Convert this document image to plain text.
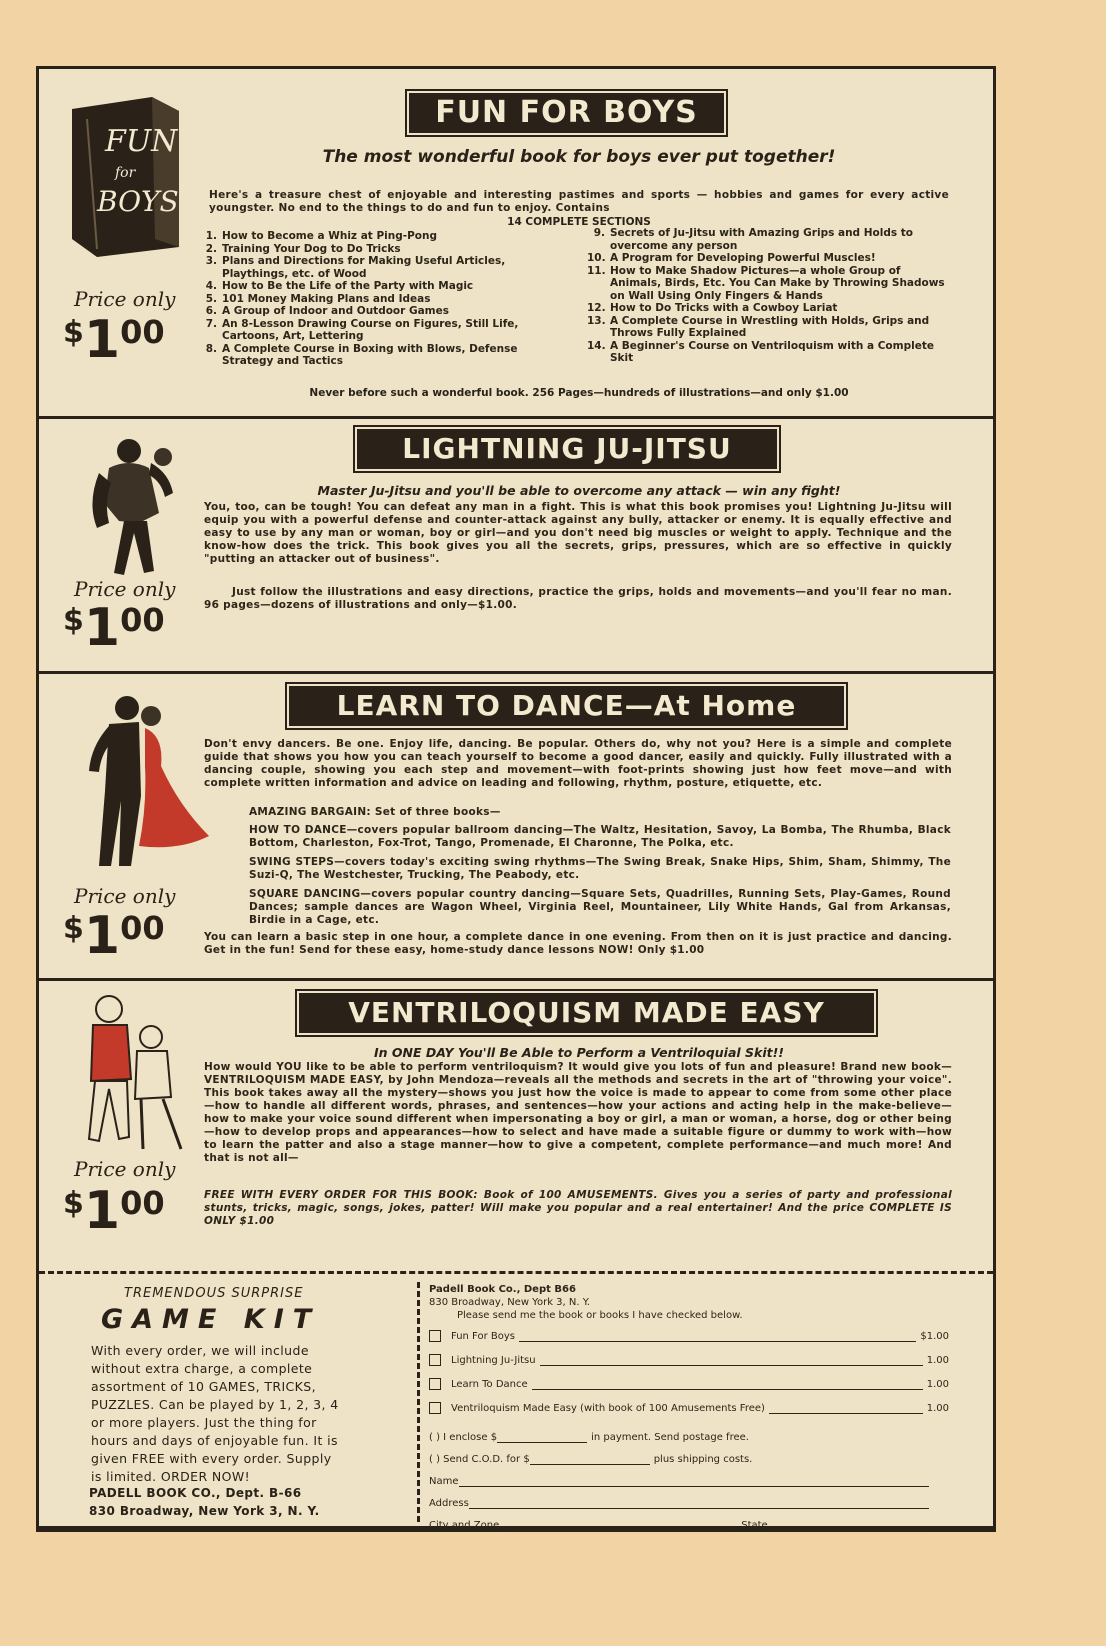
FUN
for
BOYS
Price only
$100
FUN FOR BOYS
The most wonderful book for boys ever put together!
Here's a treasure chest of enjoyable and interesting pastimes and sports — hobbies and games for every active youngster. No end to the things to do and fun to enjoy. Contains
14 COMPLETE SECTIONS
1. How to Become a Whiz at Ping-Pong
2. Training Your Dog to Do Tricks
3. Plans and Directions for Making Useful Articles, Playthings, etc. of Wood
4. How to Be the Life of the Party with Magic
5. 101 Money Making Plans and Ideas
6. A Group of Indoor and Outdoor Games
7. An 8-Lesson Drawing Course on Figures, Still Life, Cartoons, Art, Lettering
8. A Complete Course in Boxing with Blows, Defense Strategy and Tactics
9. Secrets of Ju-Jitsu with Amazing Grips and Holds to overcome any person
10. A Program for Developing Powerful Muscles!
11. How to Make Shadow Pictures—a whole Group of Animals, Birds, Etc. You Can Make by Throwing Shadows on Wall Using Only Fingers & Hands
12. How to Do Tricks with a Cowboy Lariat
13. A Complete Course in Wrestling with Holds, Grips and Throws Fully Explained
14. A Beginner's Course on Ventriloquism with a Complete Skit
Never before such a wonderful book. 256 Pages—hundreds of illustrations—and only $1.00
Price only
$100
LIGHTNING JU-JITSU
Master Ju-Jitsu and you'll be able to overcome any attack — win any fight!
You, too, can be tough! You can defeat any man in a fight. This is what this book promises you! Lightning Ju-Jitsu will equip you with a powerful defense and counter-attack against any bully, attacker or enemy. It is equally effective and easy to use by any man or woman, boy or girl—and you don't need big muscles or weight to apply. Technique and the know-how does the trick. This book gives you all the secrets, grips, pressures, which are so effective in quickly "putting an attacker out of business".
Just follow the illustrations and easy directions, practice the grips, holds and movements—and you'll fear no man. 96 pages—dozens of illustrations and only—$1.00.
Price only
$100
LEARN TO DANCE—At Home
Don't envy dancers. Be one. Enjoy life, dancing. Be popular. Others do, why not you? Here is a simple and complete guide that shows you how you can teach yourself to become a good dancer, easily and quickly. Fully illustrated with a dancing couple, showing you each step and movement—with foot-prints showing just how feet move—and with complete written information and advice on leading and following, rhythm, posture, etiquette, etc.
AMAZING BARGAIN: Set of three books—
HOW TO DANCE—covers popular ballroom dancing—The Waltz, Hesitation, Savoy, La Bomba, The Rhumba, Black Bottom, Charleston, Fox-Trot, Tango, Promenade, El Charonne, The Polka, etc.
SWING STEPS—covers today's exciting swing rhythms—The Swing Break, Snake Hips, Shim, Sham, Shimmy, The Suzi-Q, The Westchester, Trucking, The Peabody, etc.
SQUARE DANCING—covers popular country dancing—Square Sets, Quadrilles, Running Sets, Play-Games, Round Dances; sample dances are Wagon Wheel, Virginia Reel, Mountaineer, Lily White Hands, Gal from Arkansas, Birdie in a Cage, etc.
You can learn a basic step in one hour, a complete dance in one evening. From then on it is just practice and dancing. Get in the fun! Send for these easy, home-study dance lessons NOW! Only $1.00
Price only
$100
VENTRILOQUISM MADE EASY
In ONE DAY You'll Be Able to Perform a Ventriloquial Skit!!
How would YOU like to be able to perform ventriloquism? It would give you lots of fun and pleasure! Brand new book—VENTRILOQUISM MADE EASY, by John Mendoza—reveals all the methods and secrets in the art of "throwing your voice". This book takes away all the mystery—shows you just how the voice is made to appear to come from some other place—how to handle all different words, phrases, and sentences—how your actions and acting help in the make-believe—how to make your voice sound different when impersonating a boy or girl, a man or woman, a horse, dog or other being—how to develop props and appearances—how to select and have made a suitable figure or dummy to work with—how to learn the patter and also a stage manner—how to give a competent, complete performance—and much more! And that is not all—
FREE WITH EVERY ORDER FOR THIS BOOK: Book of 100 AMUSEMENTS. Gives you a series of party and professional stunts, tricks, magic, songs, jokes, patter! Will make you popular and a real entertainer! And the price COMPLETE IS ONLY $1.00
TREMENDOUS SURPRISE
GAME KIT
With every order, we will include without extra charge, a complete assortment of 10 GAMES, TRICKS, PUZZLES. Can be played by 1, 2, 3, 4 or more players. Just the thing for hours and days of enjoyable fun. It is given FREE with every order. Supply is limited. ORDER NOW!
PADELL BOOK CO., Dept. B-66
830 Broadway, New York 3, N. Y.
Padell Book Co., Dept B66
830 Broadway, New York 3, N. Y.
Please send me the book or books I have checked below.
Fun For Boys	$1.00
Lightning Ju-Jitsu	1.00
Learn To Dance	1.00
Ventriloquism Made Easy (with book of 100 Amusements Free)	1.00
( ) I enclose $	in payment. Send postage free.
( ) Send C.O.D. for $	plus shipping costs.
Name
Address
City and Zone	State
